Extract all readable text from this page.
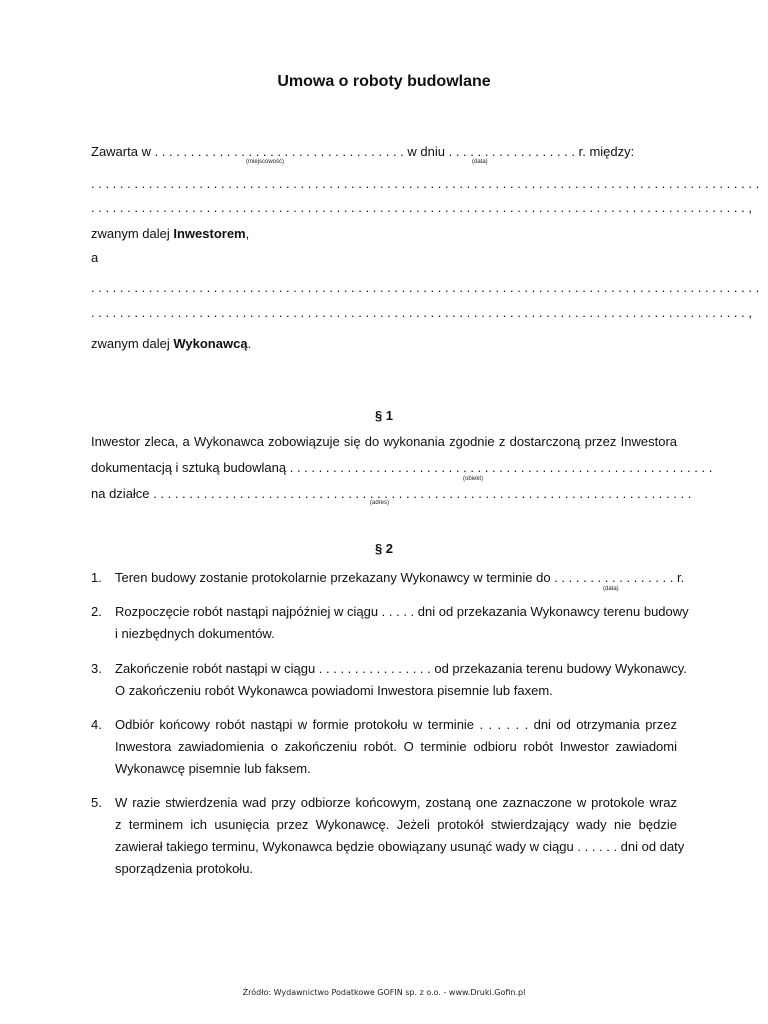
Umowa o roboty budowlane
Zawarta w . . . . . . . . . . . . . . . . . . . . . . . . . . . . . . . . . . . w dniu . . . . . . . . . . . . . . . . . . r. między:
(miejscowość)	(data)
. . . . . . . . . . . . . . . . . . . . . . . . . . . . . . . . . . . . . . . . . . . . . . . . . . . . . . . . . . . . . . . . . . . . . . . . . . . . . . . . . . . . . . . . . . . . .
. . . . . . . . . . . . . . . . . . . . . . . . . . . . . . . . . . . . . . . . . . . . . . . . . . . . . . . . . . . . . . . . . . . . . . . . . . . . . . . . . . . . . . . . . . . ,
zwanym dalej Inwestorem,
a
. . . . . . . . . . . . . . . . . . . . . . . . . . . . . . . . . . . . . . . . . . . . . . . . . . . . . . . . . . . . . . . . . . . . . . . . . . . . . . . . . . . . . . . . . . . . .
. . . . . . . . . . . . . . . . . . . . . . . . . . . . . . . . . . . . . . . . . . . . . . . . . . . . . . . . . . . . . . . . . . . . . . . . . . . . . . . . . . . . . . . . . . . ,
zwanym dalej Wykonawcą.
§ 1
Inwestor zleca, a Wykonawca zobowiązuje się do wykonania zgodnie z dostarczoną przez Inwestora
dokumentacją i sztuką budowlaną . . . . . . . . . . . . . . . . . . . . . . . . . . . . . . . . . . . . . . . . . . . . . . . . . . . . . . . . . . .
(obiekt)
na działce . . . . . . . . . . . . . . . . . . . . . . . . . . . . . . . . . . . . . . . . . . . . . . . . . . . . . . . . . . . . . . . . . . . . . . . . . . .
(adres)
§ 2
1. Teren budowy zostanie protokolarnie przekazany Wykonawcy w terminie do . . . . . . . . . . . . . . . . . r.
(data)
2. Rozpoczęcie robót nastąpi najpóźniej w ciągu . . . . . dni od przekazania Wykonawcy terenu budowy
i niezbędnych dokumentów.
3. Zakończenie robót nastąpi w ciągu . . . . . . . . . . . . . . . . od przekazania terenu budowy Wykonawcy.
O zakończeniu robót Wykonawca powiadomi Inwestora pisemnie lub faxem.
4. Odbiór końcowy robót nastąpi w formie protokołu w terminie . . . . . . dni od otrzymania przez
Inwestora zawiadomienia o zakończeniu robót. O terminie odbioru robót Inwestor zawiadomi
Wykonawcę pisemnie lub faksem.
5. W razie stwierdzenia wad przy odbiorze końcowym, zostaną one zaznaczone w protokole wraz
z terminem ich usunięcia przez Wykonawcę. Jeżeli protokół stwierdzający wady nie będzie
zawierał takiego terminu, Wykonawca będzie obowiązany usunąć wady w ciągu . . . . . . dni od daty
sporządzenia protokołu.
Źródło: Wydawnictwo Podatkowe GOFIN sp. z o.o. - www.Druki.Gofin.pl
